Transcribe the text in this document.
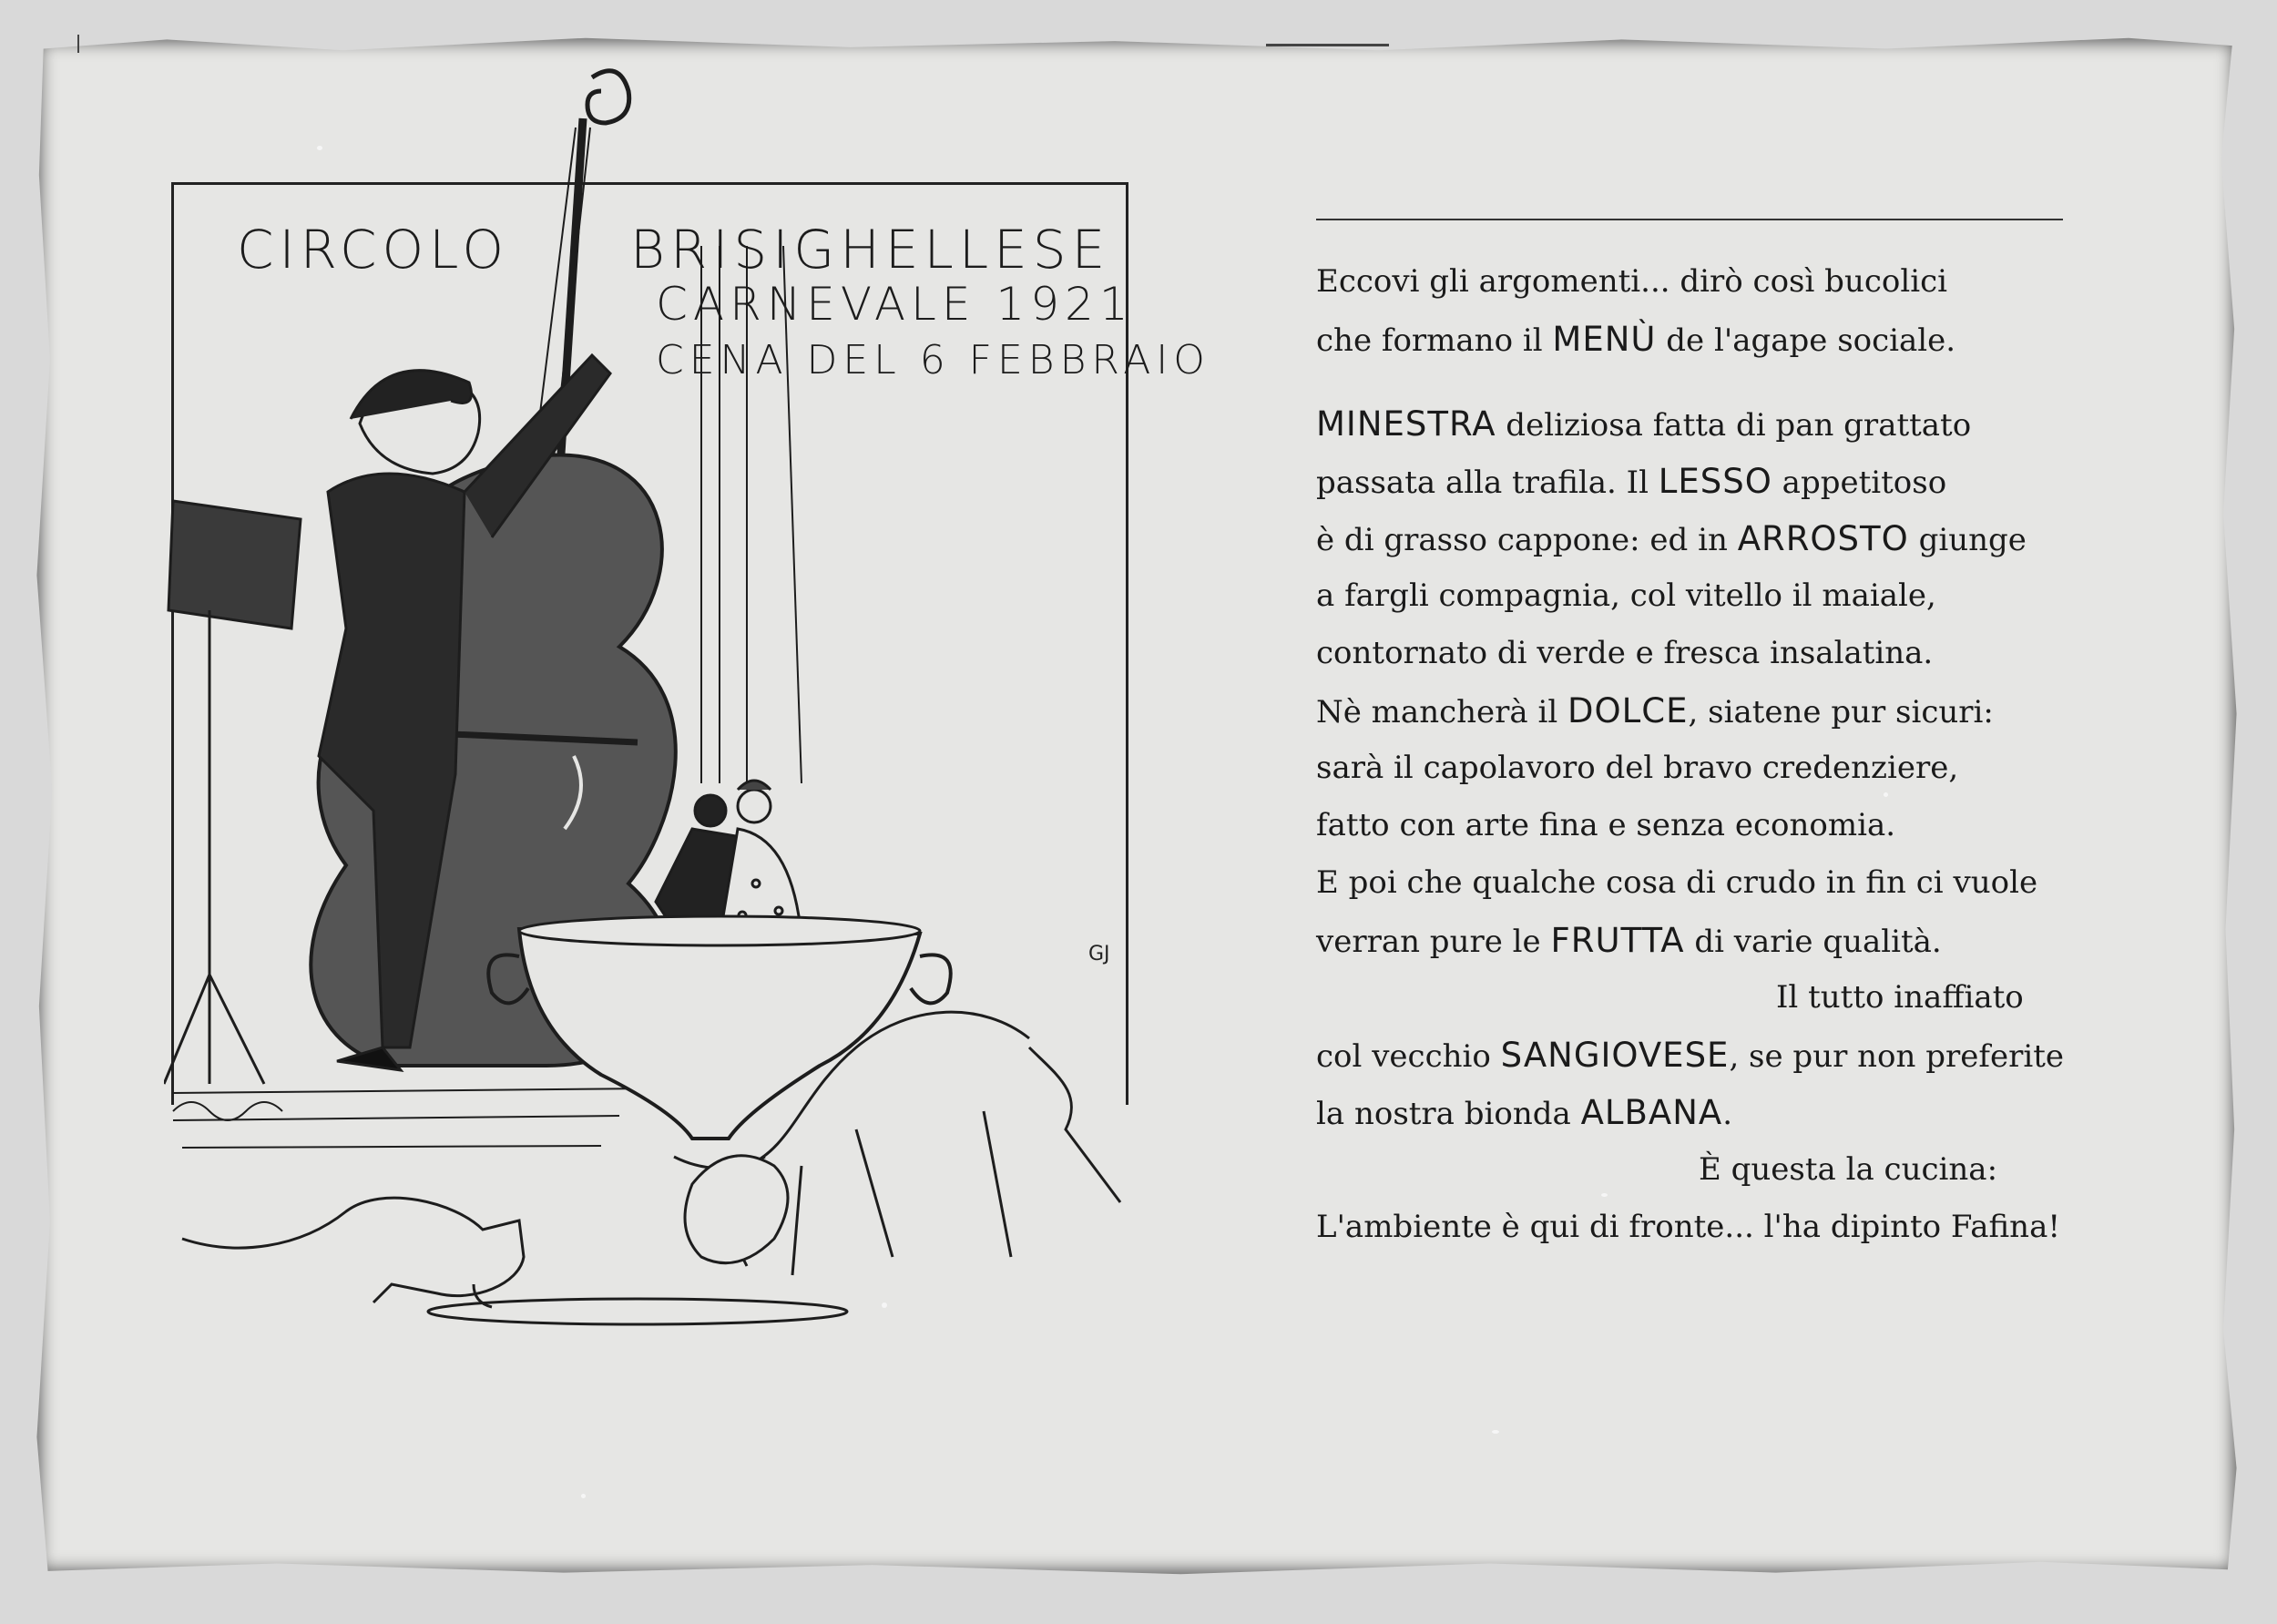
CIRCOLO BRISIGHELLESE
CARNEVALE 1921
CENA DEL 6 FEBBRAIO
GJ
Eccovi gli argomenti... dirò così bucolici
che formano il MENÙ de l'agape sociale.
MINESTRA deliziosa fatta di pan grattato
passata alla trafila. Il LESSO appetitoso
è di grasso cappone: ed in ARROSTO giunge
a fargli compagnia, col vitello il maiale,
contornato di verde e fresca insalatina.
Nè mancherà il DOLCE, siatene pur sicuri:
sarà il capolavoro del bravo credenziere,
fatto con arte fina e senza economia.
E poi che qualche cosa di crudo in fin ci vuole
verran pure le FRUTTA di varie qualità.
Il tutto inaffiato
col vecchio SANGIOVESE, se pur non preferite
la nostra bionda ALBANA.
È questa la cucina:
L'ambiente è qui di fronte... l'ha dipinto Fafina!
